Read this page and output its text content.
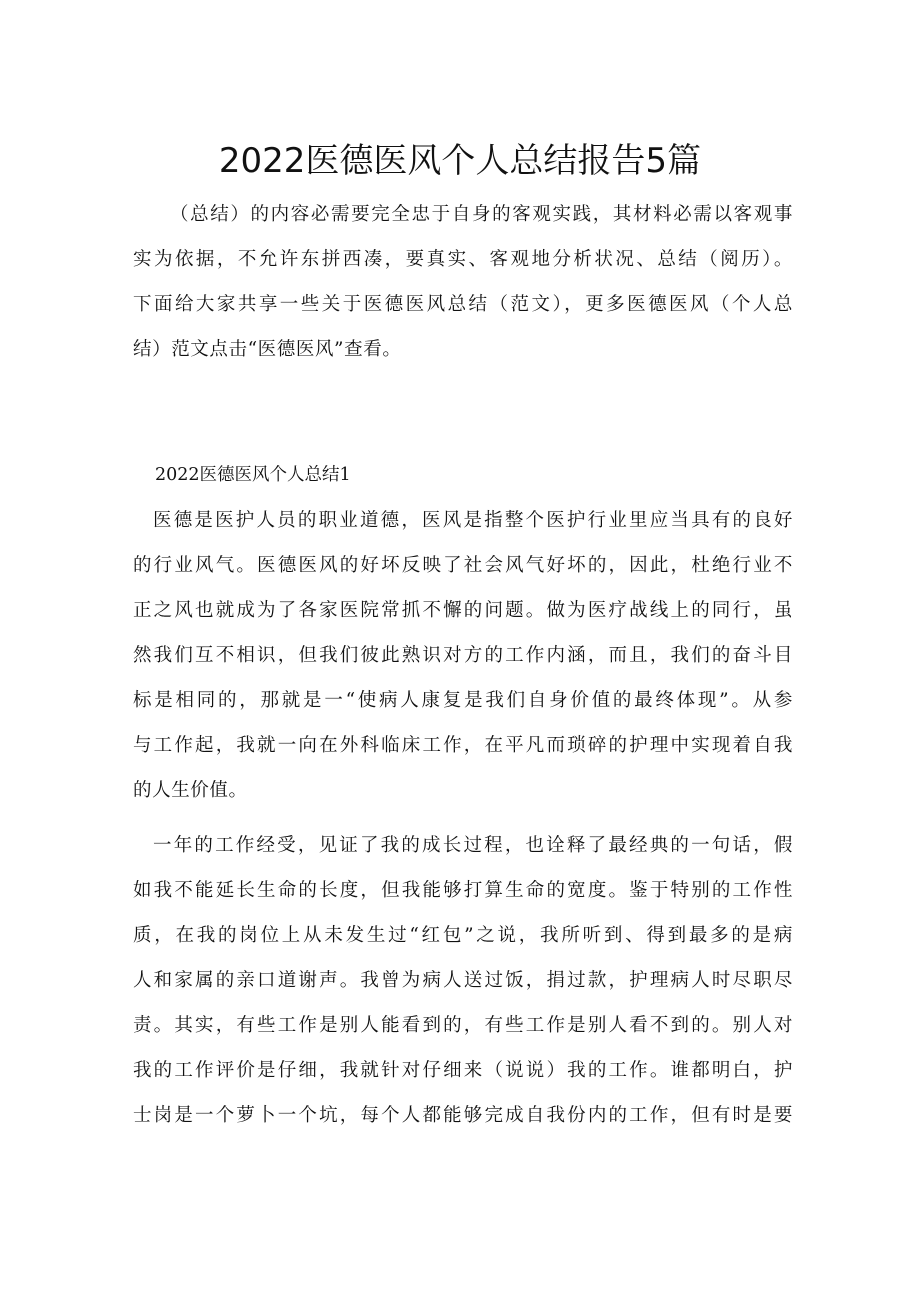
2022医德医风个人总结报告5篇

（总结）的内容必需要完全忠于自身的客观实践，其材料必需以客观事
实为依据，不允许东拼西凑，要真实、客观地分析状况、总结（阅历）。
下面给大家共享一些关于医德医风总结（范文），更多医德医风（个人总
结）范文点击“医德医风”查看。

2022医德医风个人总结1

医德是医护人员的职业道德，医风是指整个医护行业里应当具有的良好
的行业风气。医德医风的好坏反映了社会风气好坏的，因此，杜绝行业不
正之风也就成为了各家医院常抓不懈的问题。做为医疗战线上的同行，虽
然我们互不相识，但我们彼此熟识对方的工作内涵，而且，我们的奋斗目
标是相同的，那就是一“使病人康复是我们自身价值的最终体现”。从参
与工作起，我就一向在外科临床工作，在平凡而琐碎的护理中实现着自我
的人生价值。

一年的工作经受，见证了我的成长过程，也诠释了最经典的一句话，假
如我不能延长生命的长度，但我能够打算生命的宽度。鉴于特别的工作性
质，在我的岗位上从未发生过“红包”之说，我所听到、得到最多的是病
人和家属的亲口道谢声。我曾为病人送过饭，捐过款，护理病人时尽职尽
责。其实，有些工作是别人能看到的，有些工作是别人看不到的。别人对
我的工作评价是仔细，我就针对仔细来（说说）我的工作。谁都明白，护
士岗是一个萝卜一个坑，每个人都能够完成自我份内的工作，但有时是要
